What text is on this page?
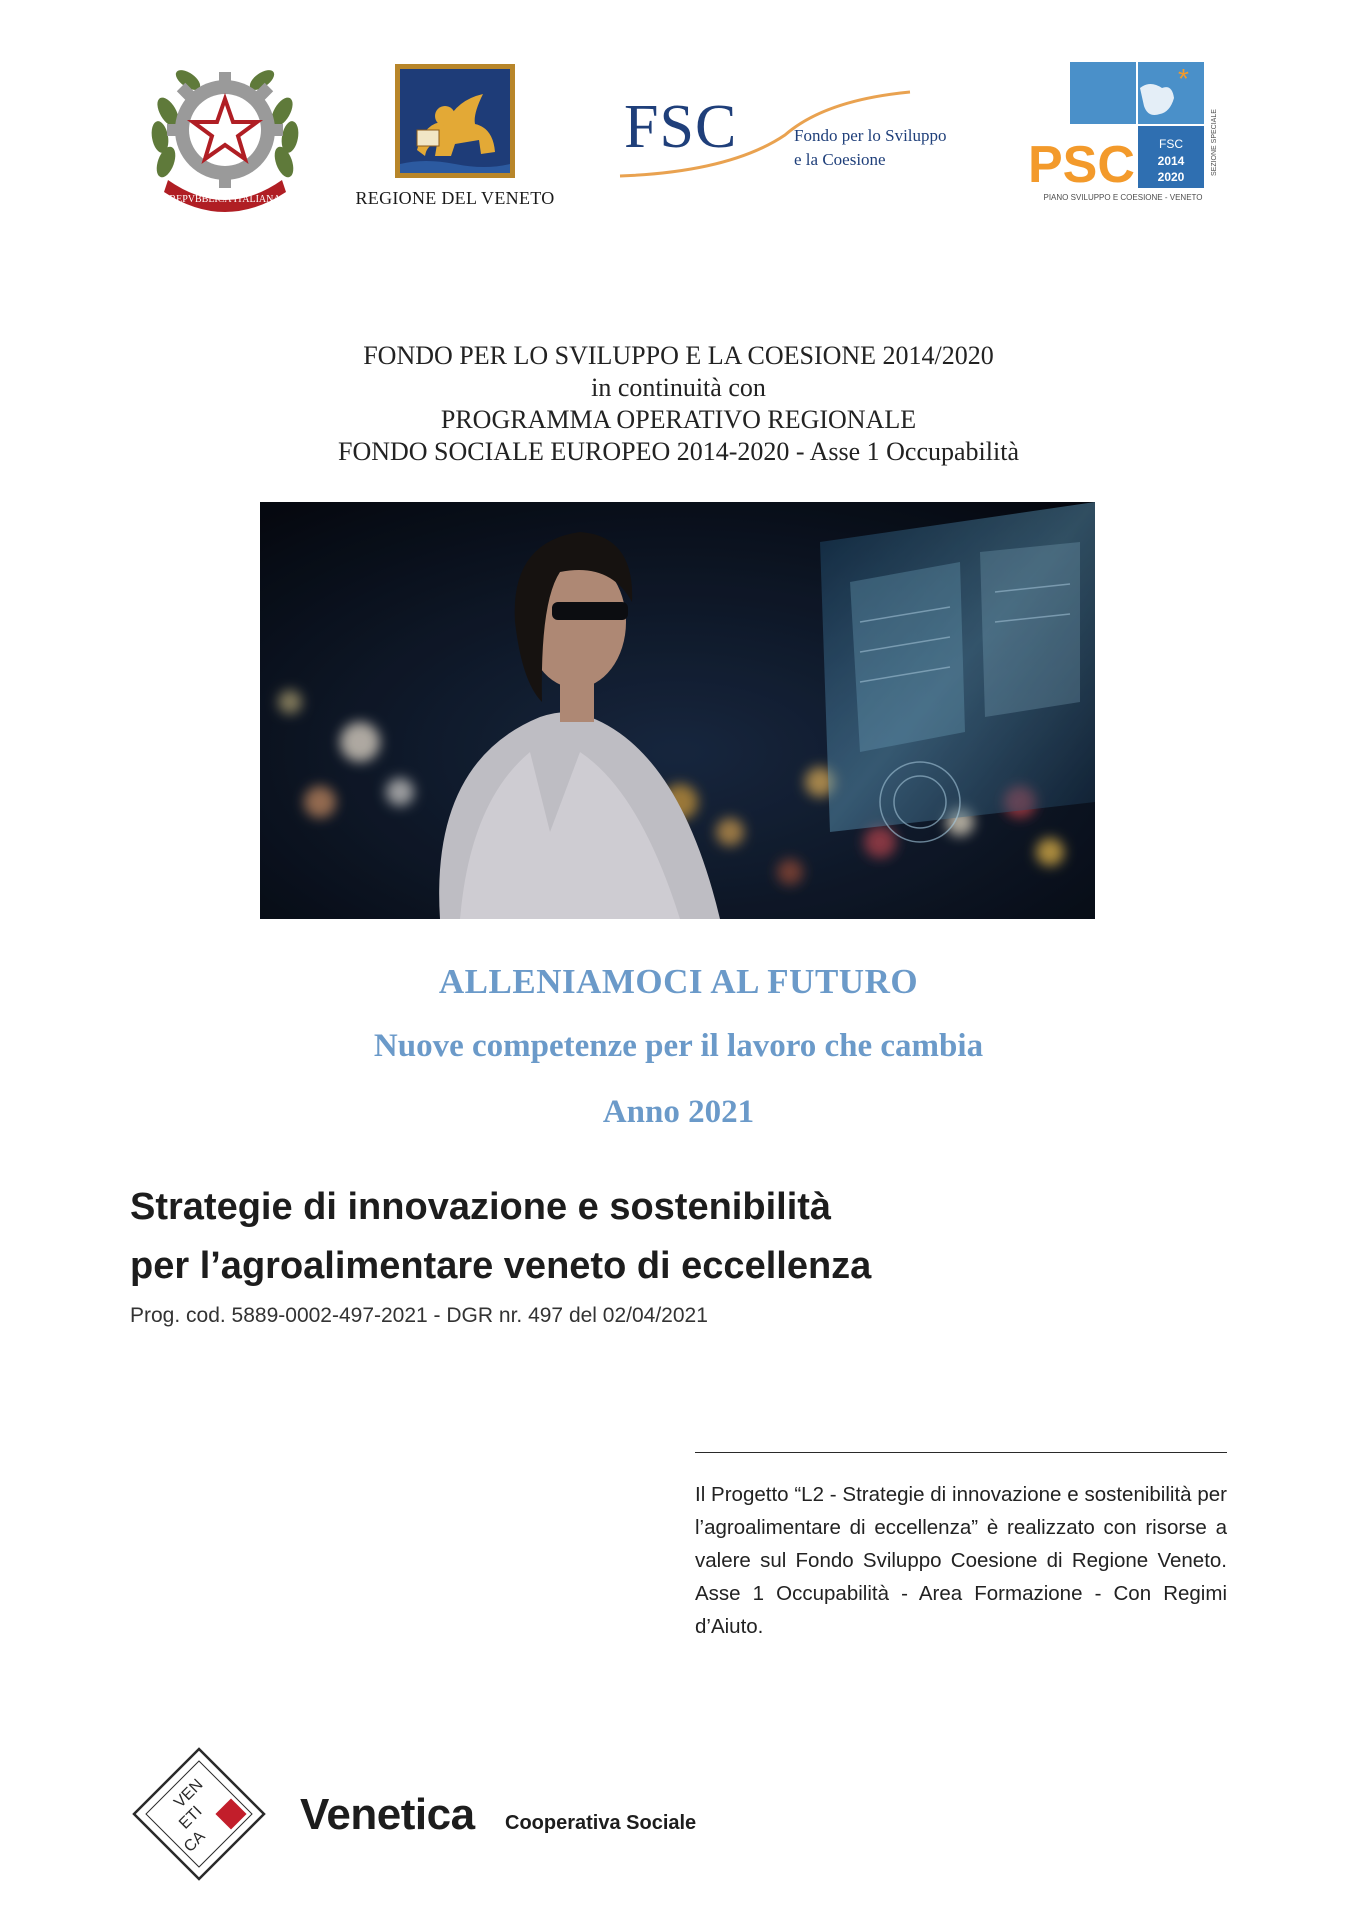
REPVBBLICA ITALIANA	REGIONE DEL VENETO
FSC	Fondo per lo Sviluppo
e la Coesione
*
PSC FSC
2014
2020
SEZIONE SPECIALE
PIANO SVILUPPO E COESIONE - VENETO
FONDO PER LO SVILUPPO E LA COESIONE 2014/2020
in continuità con
PROGRAMMA OPERATIVO REGIONALE
FONDO SOCIALE EUROPEO 2014-2020 - Asse 1 Occupabilità
ALLENIAMOCI AL FUTURO
Nuove competenze per il lavoro che cambia
Anno 2021
Strategie di innovazione e sostenibilità
per l’agroalimentare veneto di eccellenza
Prog. cod. 5889-0002-497-2021 - DGR nr. 497 del 02/04/2021
Il Progetto “L2 - Strategie di innovazione e sostenibilità per l’agroalimentare di eccellenza” è realizzato con risorse a valere sul Fondo Sviluppo Coesione di Regione Veneto. Asse 1 Occupabilità - Area Formazione - Con Regimi d’Aiuto.
VEN
ETI
CA
Venetica Cooperativa Sociale
